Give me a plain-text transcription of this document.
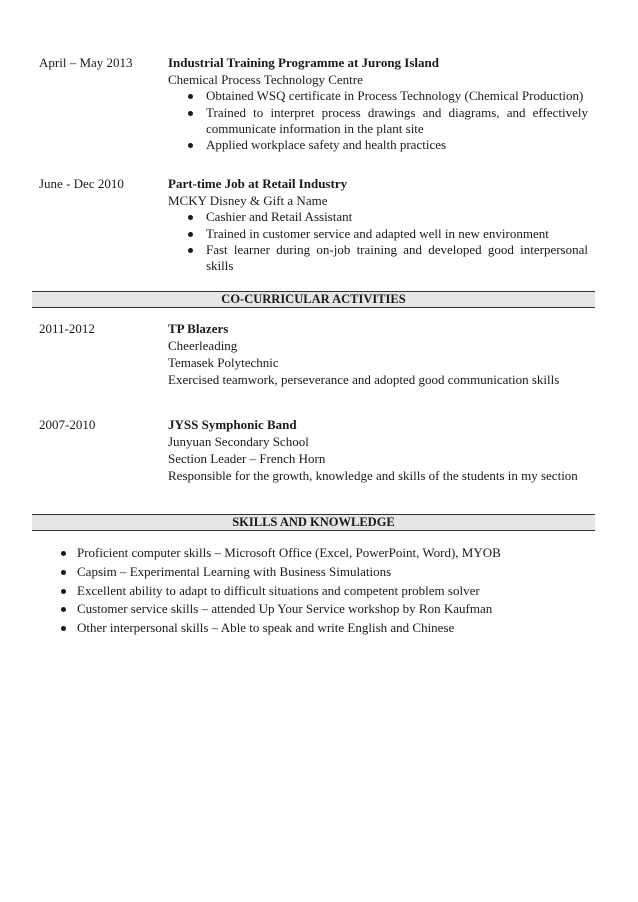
April – May 2013	Industrial Training Programme at Jurong Island
Chemical Process Technology Centre
Obtained WSQ certificate in Process Technology (Chemical Production)
Trained to interpret process drawings and diagrams, and effectively communicate information in the plant site
Applied workplace safety and health practices
June - Dec 2010	Part-time Job at Retail Industry
MCKY Disney & Gift a Name
Cashier and Retail Assistant
Trained in customer service and adapted well in new environment
Fast learner during on-job training and developed good interpersonal skills
CO-CURRICULAR ACTIVITIES
2011-2012	TP Blazers
Cheerleading
Temasek Polytechnic
Exercised teamwork, perseverance and adopted good communication skills
2007-2010	JYSS Symphonic Band
Junyuan Secondary School
Section Leader – French Horn
Responsible for the growth, knowledge and skills of the students in my section
SKILLS AND KNOWLEDGE
Proficient computer skills – Microsoft Office (Excel, PowerPoint, Word), MYOB
Capsim – Experimental Learning with Business Simulations
Excellent ability to adapt to difficult situations and competent problem solver
Customer service skills – attended Up Your Service workshop by Ron Kaufman
Other interpersonal skills – Able to speak and write English and Chinese
